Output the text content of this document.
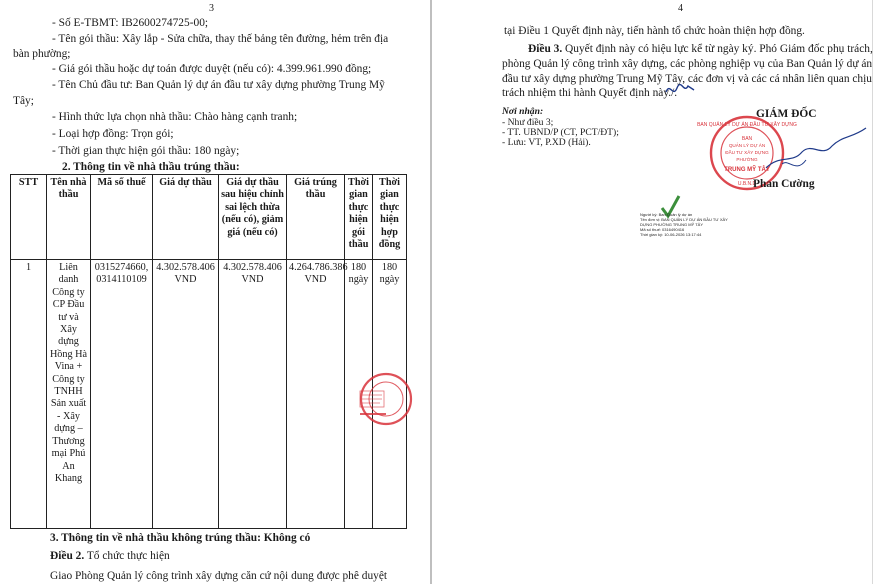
3
- Số E-TBMT: IB2600274725-00;
- Tên gói thầu: Xây lắp - Sửa chữa, thay thế bảng tên đường, hẻm trên địa
bàn phường;
- Giá gói thầu hoặc dự toán được duyệt (nếu có): 4.399.961.990 đồng;
- Tên Chủ đầu tư: Ban Quản lý dự án đầu tư xây dựng phường Trung Mỹ
Tây;
- Hình thức lựa chọn nhà thầu: Chào hàng cạnh tranh;
- Loại hợp đồng: Trọn gói;
- Thời gian thực hiện gói thầu: 180 ngày;
STT	Tên nhà thầu	Mã số thuế	Giá dự thầu	Giá dự thầu sau hiệu chỉnh sai lệch thừa (nếu có), giảm giá (nếu có)	Giá trúng thầu	Thời gian thực hiện gói thầu	Thời gian thực hiện hợp đồng
1	Liên danh Công ty CP Đầu tư và Xây dựng Hồng Hà Vina + Công ty TNHH Sản xuất - Xây dựng – Thương mại Phú An Khang	0315274660, 0314110109	4.302.578.406 VND	4.302.578.406 VND	4.264.786.386 VND	180 ngày	180 ngày
3. Thông tin về nhà thầu không trúng thầu: Không có
Điều 2. Tổ chức thực hiện
Giao Phòng Quản lý công trình xây dựng căn cứ nội dung được phê duyệt
2. Thông tin về nhà thầu trúng thầu:
4
tại Điều 1 Quyết định này, tiến hành tổ chức hoàn thiện hợp đồng.
Điều 3. Quyết định này có hiệu lực kể từ ngày ký. Phó Giám đốc phụ trách,
phòng Quản lý công trình xây dựng, các phòng nghiệp vụ của Ban Quản lý dự án
đầu tư xây dựng phường Trung Mỹ Tây, các đơn vị và các cá nhân liên quan chịu
trách nhiệm thi hành Quyết định này./.
Nơi nhận:
- Như điều 3;
- TT. UBND/P (CT, PCT/ĐT);
- Lưu: VT, P.XD (Hải).
GIÁM ĐỐC
BAN QUẢN LÝ DỰ ÁN ĐẦU TƯ XÂY DỰNG
BAN
QUẢN LÝ DỰ ÁN
ĐẦU TƯ XÂY DỰNG
PHƯỜNG
TRUNG MỸ TÂY
U.B.N.D
Phan Cường
Người ký: Ban Quản lý dự án
Tên đơn vị: BAN QUẢN LÝ DỰ ÁN ĐẦU TƯ XÂY
DỰNG PHƯỜNG TRUNG MỸ TÂY
Mã số thuế: 0316490416
Thời gian ký: 10-06-2026 13:17:44
